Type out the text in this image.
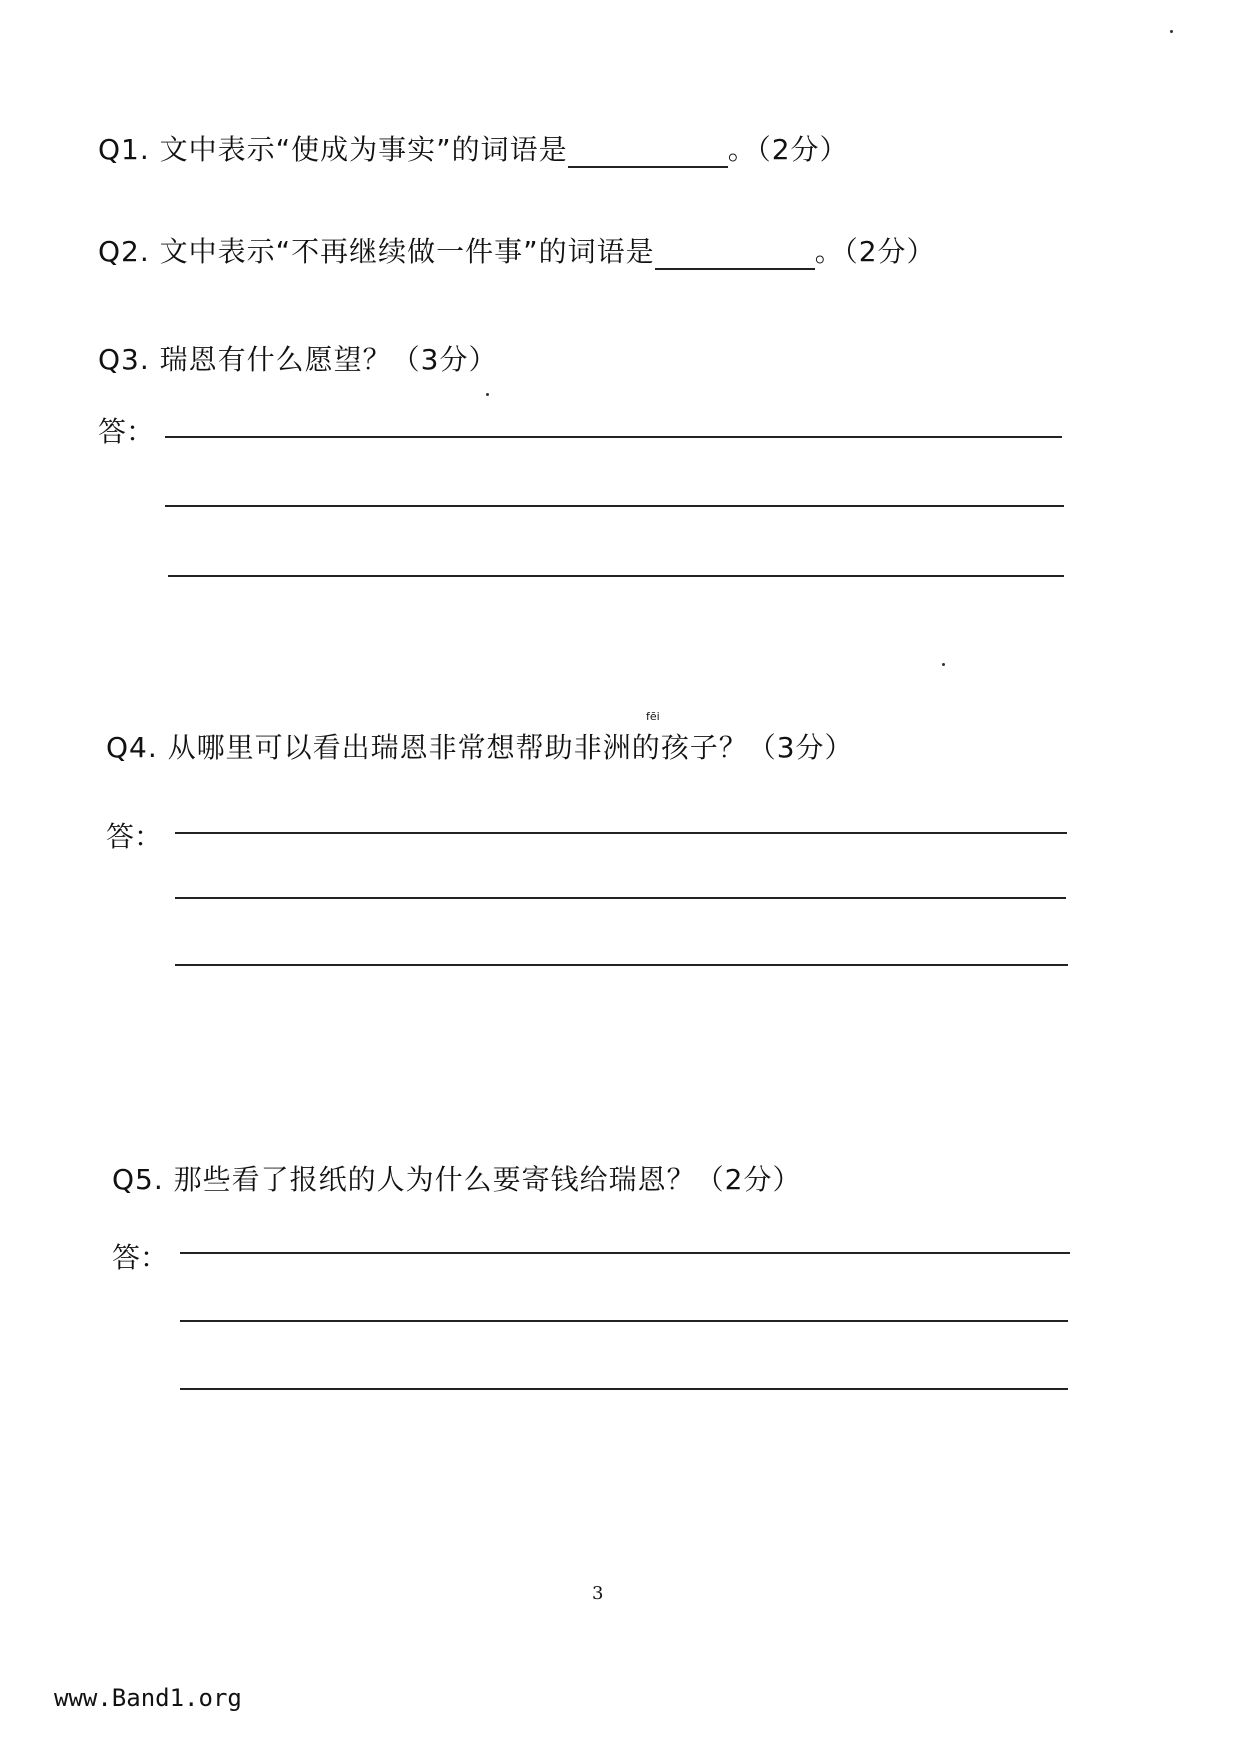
Q1. 文中表示“使成为事实”的词语是	。（2分）
Q2. 文中表示“不再继续做一件事”的词语是	。（2分）
Q3. 瑞恩有什么愿望？（3分）
答：
fēi
Q4. 从哪里可以看出瑞恩非常想帮助非洲的孩子？（3分）
答：
Q5. 那些看了报纸的人为什么要寄钱给瑞恩？（2分）
答：
3
www.Band1.org
